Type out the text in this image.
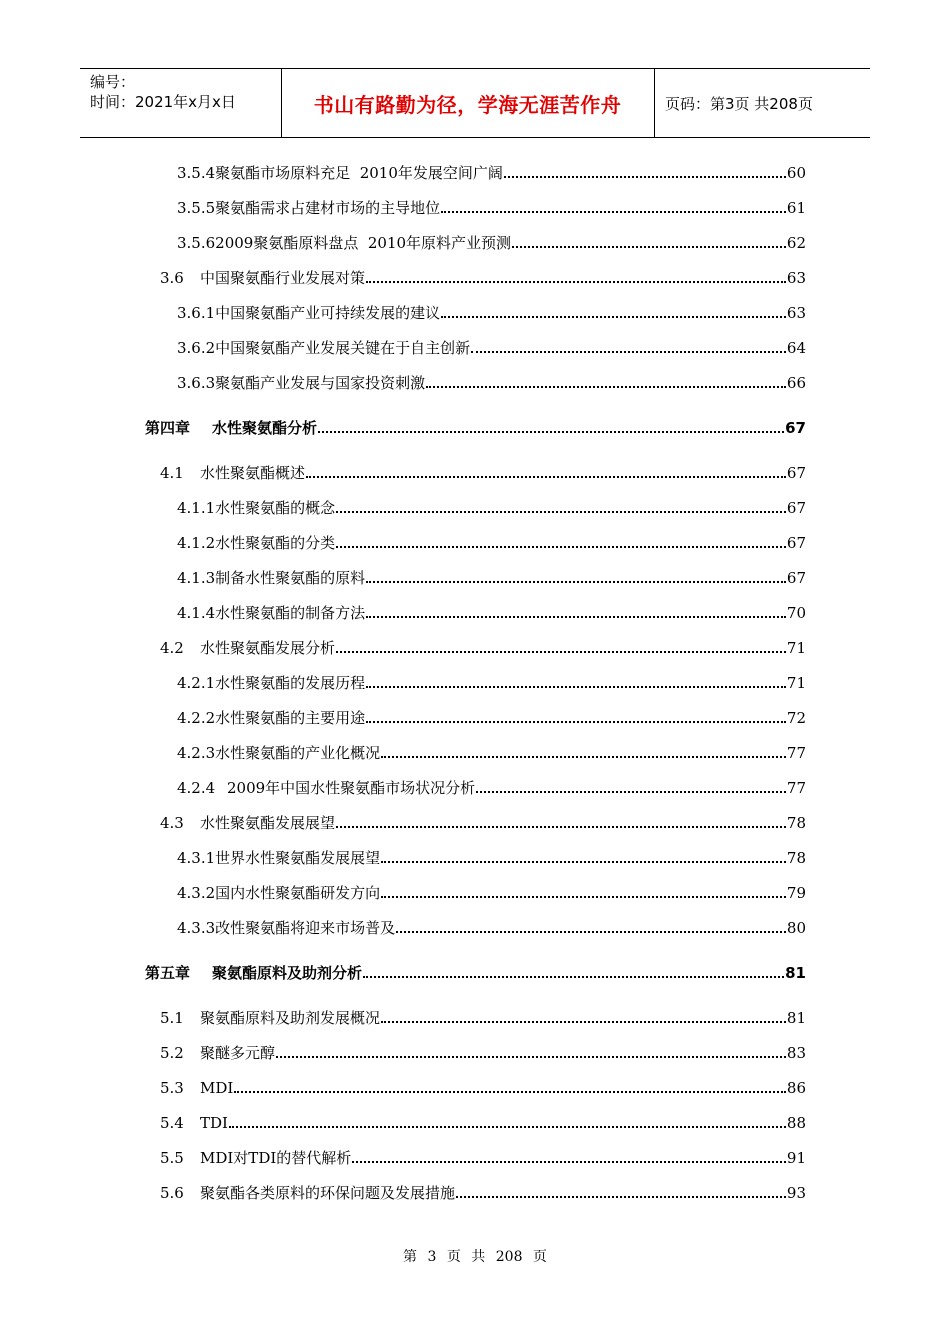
编号：
时间：2021年x月x日	书山有路勤为径，学海无涯苦作舟	页码：第3页 共208页
3.5.4 聚氨酯市场原料充足  2010年发展空间广阔	60
3.5.5 聚氨酯需求占建材市场的主导地位	61
3.5.6 2009聚氨酯原料盘点  2010年原料产业预测	62
3.6	中国聚氨酯行业发展对策	63
3.6.1 中国聚氨酯产业可持续发展的建议	63
3.6.2 中国聚氨酯产业发展关键在于自主创新	64
3.6.3 聚氨酯产业发展与国家投资刺激	66
第四章	水性聚氨酯分析	67
4.1	水性聚氨酯概述	67
4.1.1 水性聚氨酯的概念	67
4.1.2 水性聚氨酯的分类	67
4.1.3 制备水性聚氨酯的原料	67
4.1.4 水性聚氨酯的制备方法	70
4.2	水性聚氨酯发展分析	71
4.2.1 水性聚氨酯的发展历程	71
4.2.2 水性聚氨酯的主要用途	72
4.2.3 水性聚氨酯的产业化概况	77
4.2.4 2009年中国水性聚氨酯市场状况分析	77
4.3	水性聚氨酯发展展望	78
4.3.1 世界水性聚氨酯发展展望	78
4.3.2 国内水性聚氨酯研发方向	79
4.3.3 改性聚氨酯将迎来市场普及	80
第五章	聚氨酯原料及助剂分析	81
5.1	聚氨酯原料及助剂发展概况	81
5.2	聚醚多元醇	83
5.3	MDI	86
5.4	TDI	88
5.5	MDI对TDI的替代解析	91
5.6	聚氨酯各类原料的环保问题及发展措施	93
第 3 页 共 208 页
